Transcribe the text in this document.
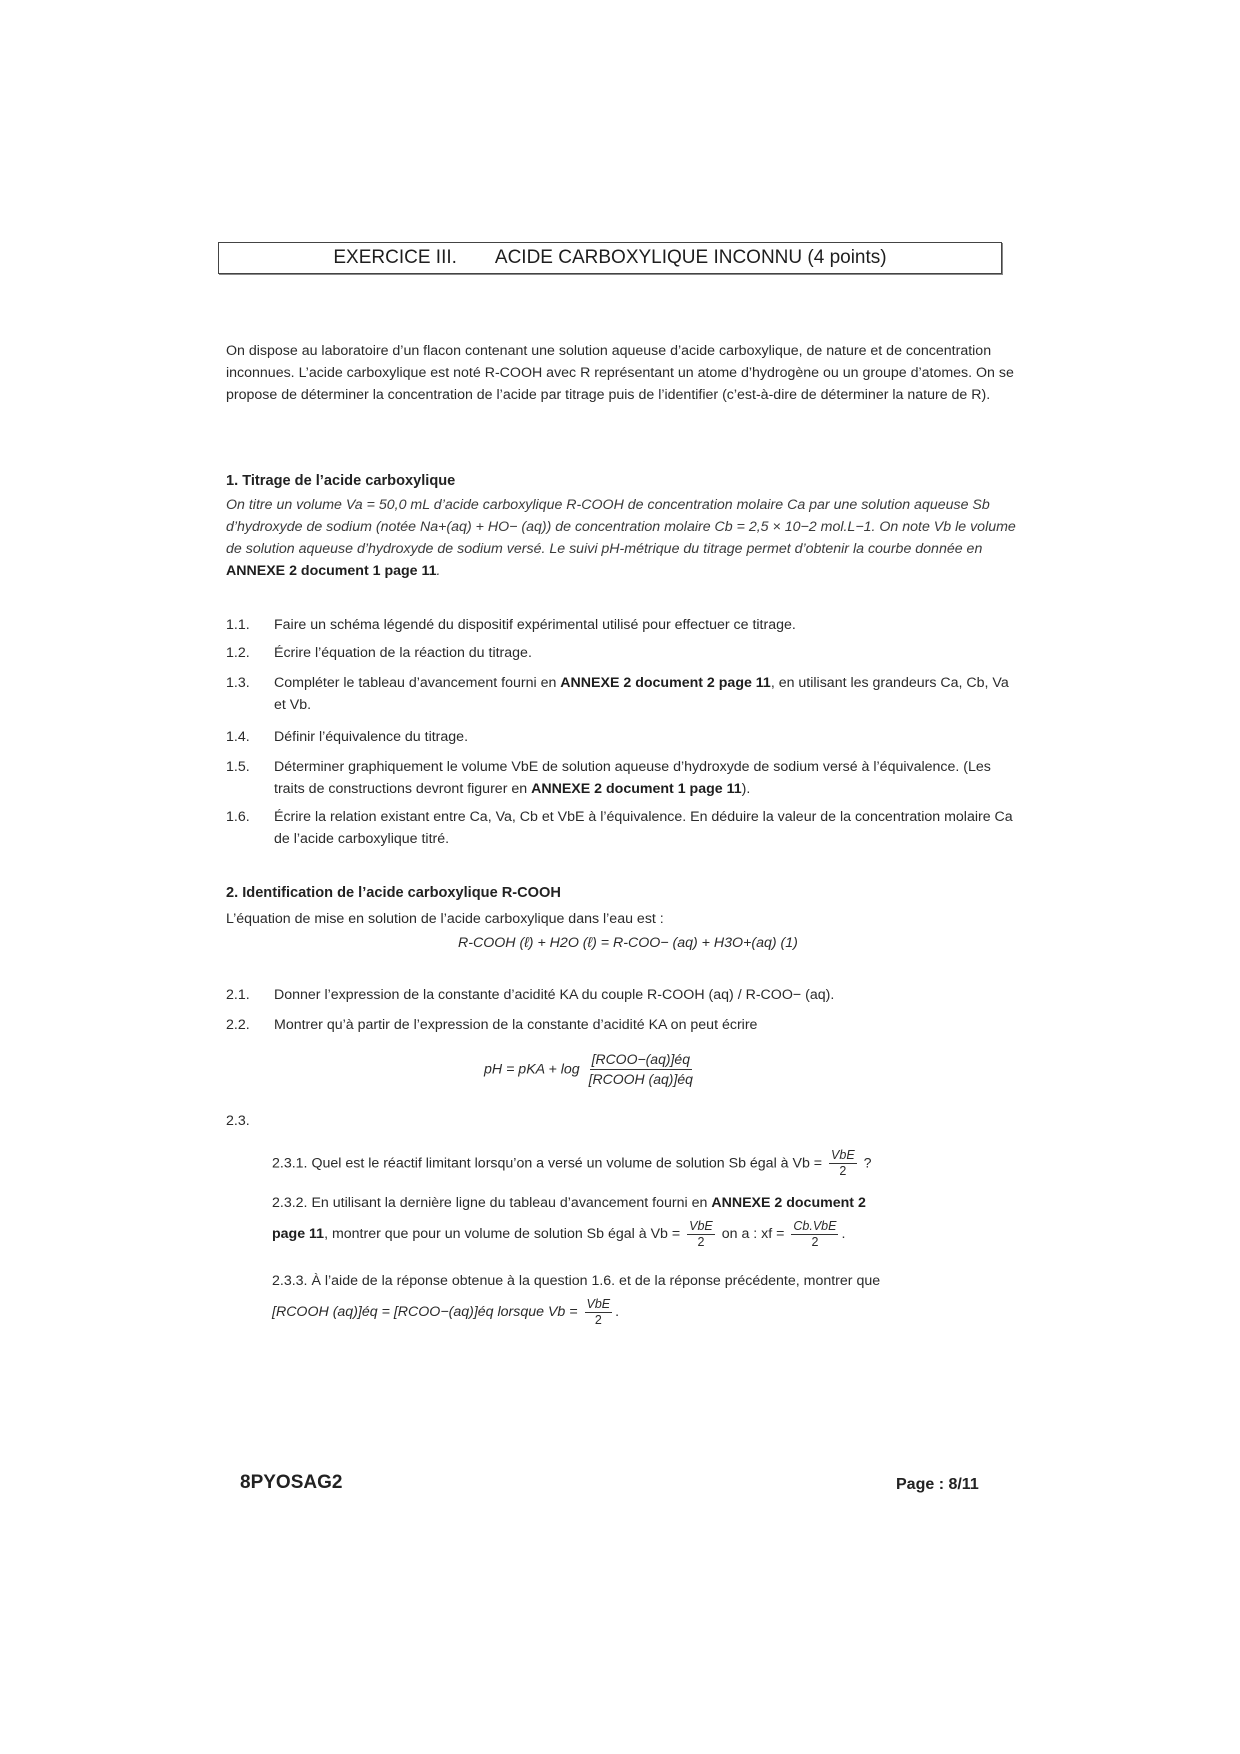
EXERCICE III. ACIDE CARBOXYLIQUE INCONNU (4 points)
On dispose au laboratoire d’un flacon contenant une solution aqueuse d’acide carboxylique, de nature et de concentration inconnues. L’acide carboxylique est noté R-COOH avec R représentant un atome d’hydrogène ou un groupe d’atomes. On se propose de déterminer la concentration de l’acide par titrage puis de l’identifier (c’est-à-dire de déterminer la nature de R).
1. Titrage de l’acide carboxylique
On titre un volume Va = 50,0 mL d’acide carboxylique R-COOH de concentration molaire Ca par une solution aqueuse Sb d’hydroxyde de sodium (notée Na+(aq) + HO− (aq)) de concentration molaire Cb = 2,5 × 10−2 mol.L−1. On note Vb le volume de solution aqueuse d’hydroxyde de sodium versé. Le suivi pH-métrique du titrage permet d’obtenir la courbe donnée en ANNEXE 2 document 1 page 11.
1.1. Faire un schéma légendé du dispositif expérimental utilisé pour effectuer ce titrage.
1.2. Écrire l’équation de la réaction du titrage.
1.3. Compléter le tableau d’avancement fourni en ANNEXE 2 document 2 page 11, en utilisant les grandeurs Ca, Cb, Va et Vb.
1.4. Définir l’équivalence du titrage.
1.5. Déterminer graphiquement le volume VbE de solution aqueuse d’hydroxyde de sodium versé à l’équivalence. (Les traits de constructions devront figurer en ANNEXE 2 document 1 page 11).
1.6. Écrire la relation existant entre Ca, Va, Cb et VbE à l’équivalence. En déduire la valeur de la concentration molaire Ca de l’acide carboxylique titré.
2. Identification de l’acide carboxylique R-COOH
L’équation de mise en solution de l’acide carboxylique dans l’eau est :
R-COOH (ℓ) + H2O (ℓ) = R-COO− (aq) + H3O+(aq) (1)
2.1. Donner l’expression de la constante d’acidité KA du couple R-COOH (aq) / R-COO− (aq).
2.2. Montrer qu’à partir de l’expression de la constante d’acidité KA on peut écrire
pH = pKA + $\log \frac{\text{[RCOO−(aq)]éq}}{\text{[RCOOH (aq)]éq}}$
2.3.
2.3.1. Quel est le réactif limitant lorsqu’on a versé un volume de solution Sb égal à $Vb = \frac{\text{VbE}}{2}$ ?
2.3.2. En utilisant la dernière ligne du tableau d’avancement fourni en ANNEXE 2 document 2
page 11, montrer que pour un volume de solution Sb égal à $Vb = \frac{\text{VbE}}{2}$ on a : xf = $\frac{\text{Cb.VbE}}{2}$ .
2.3.3. À l’aide de la réponse obtenue à la question 1.6. et de la réponse précédente, montrer que
[RCOOH (aq)]éq = [RCOO−(aq)]éq lorsque $Vb = \frac{\text{VbE}}{2}$ .
8PYOSAG2	Page : 8/11
